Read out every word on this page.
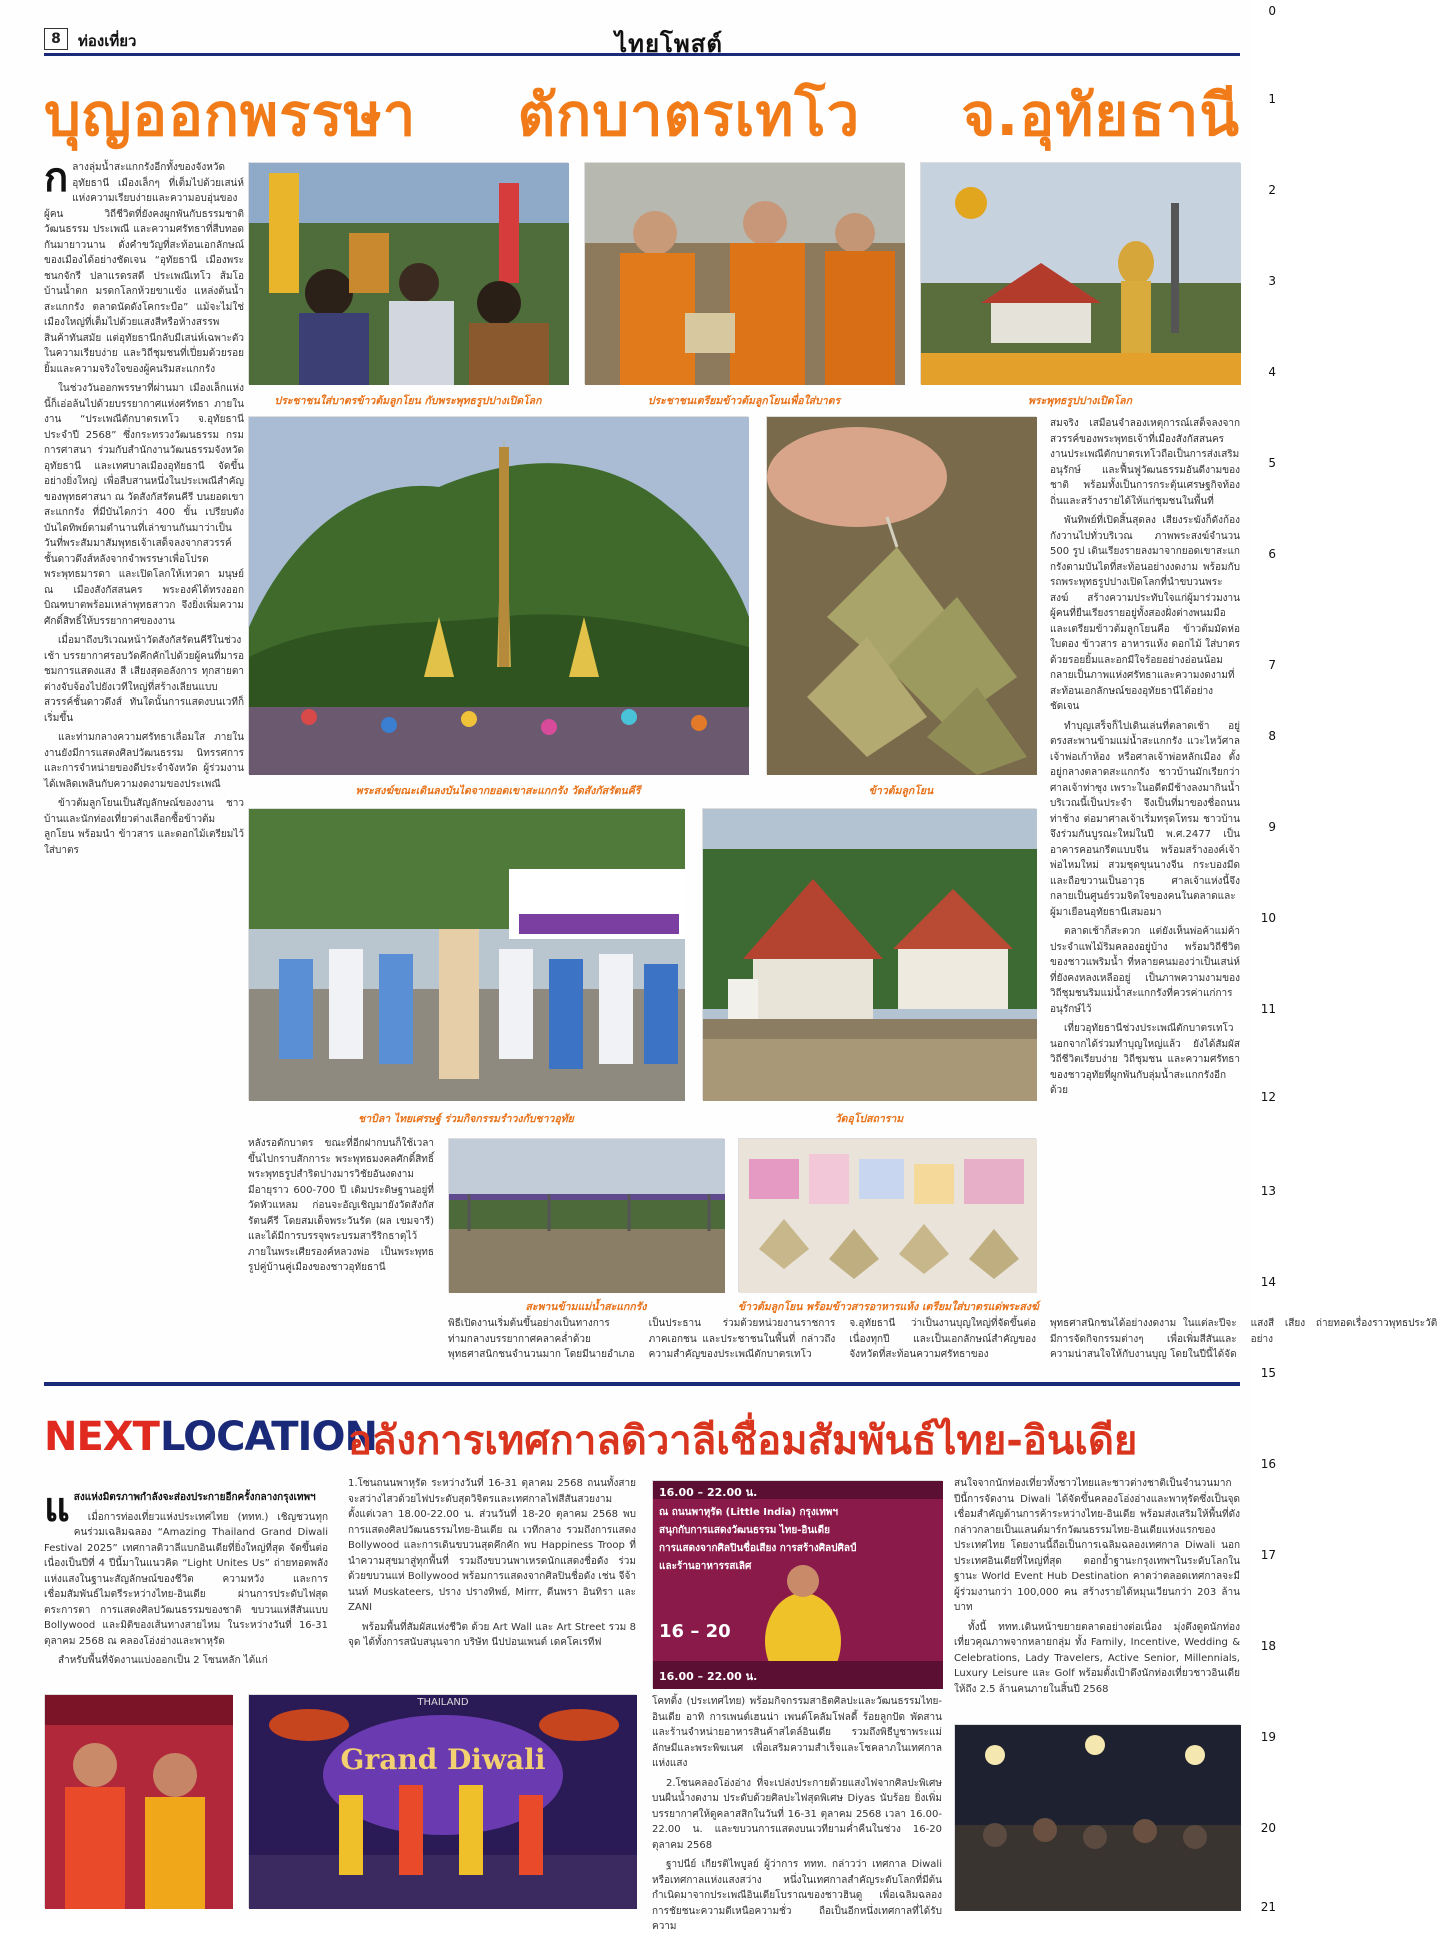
0
1
2
3
4
5
6
7
8
9
10
11
12
13
14
15
16
17
18
19
20
21
8	ท่องเที่ยว	ไทยโพสต์
บุญออกพรรษา ตักบาตรเทโว จ.อุทัยธานี
ก ลางลุ่มน้ำสะแกกรังอีกทั้งของจังหวัดอุทัยธานี เมืองเล็กๆ ที่เต็มไปด้วยเสน่ห์แห่งความเรียบง่ายและความอบอุ่นของผู้คน วิถีชีวิตที่ยังคงผูกพันกับธรรมชาติ วัฒนธรรม ประเพณี และความศรัทธาที่สืบทอดกันมายาวนาน ดั่งคำขวัญที่สะท้อนเอกลักษณ์ของเมืองได้อย่างชัดเจน “อุทัยธานี เมืองพระชนกจักรี ปลาแรดรสดี ประเพณีเทโว ส้มโอบ้านน้ำตก มรดกโลกห้วยขาแข้ง แหล่งต้นน้ำสะแกกรัง ตลาดนัดดังโคกระบือ” แม้จะไม่ใช่เมืองใหญ่ที่เต็มไปด้วยแสงสีหรือห้างสรรพสินค้าทันสมัย แต่อุทัยธานีกลับมีเสน่ห์เฉพาะตัวในความเรียบง่าย และวิถีชุมชนที่เปี่ยมด้วยรอยยิ้มและความจริงใจของผู้คนริมสะแกกรัง

ในช่วงวันออกพรรษาที่ผ่านมา เมืองเล็กแห่งนี้ก็เอ่อล้นไปด้วยบรรยากาศแห่งศรัทธา ภายในงาน “ประเพณีตักบาตรเทโว จ.อุทัยธานี ประจำปี 2568” ซึ่งกระทรวงวัฒนธรรม กรมการศาสนา ร่วมกับสำนักงานวัฒนธรรมจังหวัดอุทัยธานี และเทศบาลเมืองอุทัยธานี จัดขึ้นอย่างยิ่งใหญ่ เพื่อสืบสานหนึ่งในประเพณีสำคัญของพุทธศาสนา ณ วัดสังกัสรัตนคีรี บนยอดเขาสะแกกรัง ที่มีบันไดกว่า 400 ขั้น เปรียบดังบันไดทิพย์ตามตำนานที่เล่าขานกันมาว่าเป็นวันที่พระสัมมาสัมพุทธเจ้าเสด็จลงจากสวรรค์ชั้นดาวดึงส์หลังจากจำพรรษาเพื่อโปรดพระพุทธมารดา และเปิดโลกให้เทวดา มนุษย์ ณ เมืองสังกัสสนคร พระองค์ได้ทรงออกบิณฑบาตพร้อมเหล่าพุทธสาวก จึงยิ่งเพิ่มความศักดิ์สิทธิ์ให้บรรยากาศของงาน

เมื่อมาถึงบริเวณหน้าวัดสังกัสรัตนคีรีในช่วงเช้า บรรยากาศรอบวัดคึกคักไปด้วยผู้คนที่มารอชมการแสดงแสง สี เสียงสุดอลังการ ทุกสายตาต่างจับจ้องไปยังเวทีใหญ่ที่สร้างเลียนแบบสวรรค์ชั้นดาวดึงส์ ทันใดนั้นการแสดงบนเวทีก็เริ่มขึ้น

และท่ามกลางความศรัทธาเลื่อมใส ภายในงานยังมีการแสดงศิลปวัฒนธรรม นิทรรศการ และการจำหน่ายของดีประจำจังหวัด ผู้ร่วมงานได้เพลิดเพลินกับความงดงามของประเพณี

ข้าวต้มลูกโยนเป็นสัญลักษณ์ของงาน ชาวบ้านและนักท่องเที่ยวต่างเลือกซื้อข้าวต้มลูกโยน พร้อมนำ ข้าวสาร และดอกไม้เตรียมไว้ใส่บาตร

ประชาชนใส่บาตรข้าวต้มลูกโยน กับพระพุทธรูปปางเปิดโลก	ประชาชนเตรียมข้าวต้มลูกโยนเพื่อใส่บาตร	พระพุทธรูปปางเปิดโลก

สมจริง เสมือนจำลองเหตุการณ์เสด็จลงจากสวรรค์ของพระพุทธเจ้าที่เมืองสังกัสสนคร งานประเพณีตักบาตรเทโวถือเป็นการส่งเสริมอนุรักษ์ และฟื้นฟูวัฒนธรรมอันดีงามของชาติ พร้อมทั้งเป็นการกระตุ้นเศรษฐกิจท้องถิ่นและสร้างรายได้ให้แก่ชุมชนในพื้นที่

พันทิพย์ที่เปิดสิ้นสุดลง เสียงระฆังก็ดังก้องกังวานไปทั่วบริเวณ ภาพพระสงฆ์จำนวน 500 รูป เดินเรียงรายลงมาจากยอดเขาสะแกกรังตามบันไดที่สะท้อนอย่างงดงาม พร้อมกับรถพระพุทธรูปปางเปิดโลกที่นำขบวนพระสงฆ์ สร้างความประทับใจแก่ผู้มาร่วมงาน ผู้คนที่ยืนเรียงรายอยู่ทั้งสองฝั่งต่างพนมมือและเตรียมข้าวต้มลูกโยนคือ ข้าวต้มมัดห่อใบตอง ข้าวสาร อาหารแห้ง ดอกไม้ ใส่บาตรด้วยรอยยิ้มและอกมีใจร้อยอย่างอ่อนน้อม กลายเป็นภาพแห่งศรัทธาและความงดงามที่สะท้อนเอกลักษณ์ของอุทัยธานีได้อย่างชัดเจน

ทำบุญเสร็จก็ไปเดินเล่นที่ตลาดเช้า อยู่ตรงสะพานข้ามแม่น้ำสะแกกรัง แวะไหว้ศาลเจ้าพ่อเก้าห้อง หรือศาลเจ้าพ่อหลักเมือง ตั้งอยู่กลางตลาดสะแกกรัง ชาวบ้านมักเรียกว่าศาลเจ้าท่าซุง เพราะในอดีตมีช้างลงมากินน้ำบริเวณนี้เป็นประจำ จึงเป็นที่มาของชื่อถนนท่าช้าง ต่อมาศาลเจ้าเริ่มทรุดโทรม ชาวบ้านจึงร่วมกันบูรณะใหม่ในปี พ.ศ.2477 เป็นอาคารคอนกรีตแบบจีน พร้อมสร้างองค์เจ้าพ่อไหมใหม่ สวมชุดขุนนางจีน กระบองมีด และถือขวานเป็นอาวุธ ศาลเจ้าแห่งนี้จึงกลายเป็นศูนย์รวมจิตใจของคนในตลาดและผู้มาเยือนอุทัยธานีเสมอมา

ตลาดเช้าก็สะดวก แต่ยังเห็นพ่อค้าแม่ค้าประจำแพไม้ริมคลองอยู่บ้าง พร้อมวิถีชีวิตของชาวแพริมน้ำ ที่หลายคนมองว่าเป็นเสน่ห์ที่ยังคงหลงเหลืออยู่ เป็นภาพความงามของวิถีชุมชนริมแม่น้ำสะแกกรังที่ควรค่าแก่การอนุรักษ์ไว้

เที่ยวอุทัยธานีช่วงประเพณีตักบาตรเทโว นอกจากได้ร่วมทำบุญใหญ่แล้ว ยังได้สัมผัสวิถีชีวิตเรียบง่าย วิถีชุมชน และความศรัทธาของชาวอุทัยที่ผูกพันกับลุ่มน้ำสะแกกรังอีกด้วย

พระสงฆ์ขณะเดินลงบันไดจากยอดเขาสะแกกรัง วัดสังกัสรัตนคีรี	ข้าวต้มลูกโยน
ชาบิลา ไทยเศรษฐ์ ร่วมกิจกรรมรำวงกับชาวอุทัย	วัดอุโปสถาราม

หลังรอตักบาตร ขณะที่อีกฝากบนก็ใช้เวลาขึ้นไปกราบสักการะ พระพุทธมงคลศักดิ์สิทธิ์ พระพุทธรูปสำริดปางมารวิชัยอันงดงาม มีอายุราว 600-700 ปี เดิมประดิษฐานอยู่ที่วัดหัวแหลม ก่อนจะอัญเชิญมายังวัดสังกัสรัตนคีรี โดยสมเด็จพระวันรัต (ผล เขมจารี) และได้มีการบรรจุพระบรมสารีริกธาตุไว้ภายในพระเศียรองค์หลวงพ่อ เป็นพระพุทธรูปคู่บ้านคู่เมืองของชาวอุทัยธานี

สะพานข้ามแม่น้ำสะแกกรัง	ข้าวต้มลูกโยน พร้อมข้าวสารอาหารแห้ง เตรียมใส่บาตรแด่พระสงฆ์

พิธีเปิดงานเริ่มต้นขึ้นอย่างเป็นทางการ ท่ามกลางบรรยากาศคลาคล่ำด้วยพุทธศาสนิกชนจำนวนมาก โดยมีนายอำเภอเป็นประธาน ร่วมด้วยหน่วยงานราชการ ภาคเอกชน และประชาชนในพื้นที่ กล่าวถึงความสำคัญของประเพณีตักบาตรเทโว จ.อุทัยธานี ว่าเป็นงานบุญใหญ่ที่จัดขึ้นต่อเนื่องทุกปี และเป็นเอกลักษณ์สำคัญของจังหวัดที่สะท้อนความศรัทธาของพุทธศาสนิกชนได้อย่างงดงาม ในแต่ละปีจะมีการจัดกิจกรรมต่างๆ เพื่อเพิ่มสีสันและความน่าสนใจให้กับงานบุญ โดยในปีนี้ได้จัดแสงสี เสียง ถ่ายทอดเรื่องราวพุทธประวัติอย่าง

NEXT LOCATION
อลังการเทศกาลดิวาลีเชื่อมสัมพันธ์ไทย-อินเดีย
แ สงแห่งมิตรภาพกำลังจะส่องประกายอีกครั้งกลางกรุงเทพฯ

เมื่อการท่องเที่ยวแห่งประเทศไทย (ททท.) เชิญชวนทุกคนร่วมเฉลิมฉลอง “Amazing Thailand Grand Diwali Festival 2025” เทศกาลดิวาลีแบกอินเดียที่ยิ่งใหญ่ที่สุด จัดขึ้นต่อเนื่องเป็นปีที่ 4 ปีนี้มาในแนวคิด “Light Unites Us” ถ่ายทอดพลังแห่งแสงในฐานะสัญลักษณ์ของชีวิต ความหวัง และการเชื่อมสัมพันธ์ไมตรีระหว่างไทย-อินเดีย ผ่านการประดับไฟสุดตระการตา การแสดงศิลปวัฒนธรรมของชาติ ขบวนแห่สีสันแบบ Bollywood และมิติของเส้นทางสายไหม ในระหว่างวันที่ 16-31 ตุลาคม 2568 ณ คลองโอ่งอ่างและพาหุรัด

สำหรับพื้นที่จัดงานแบ่งออกเป็น 2 โซนหลัก ได้แก่

1.โซนถนนพาหุรัด ระหว่างวันที่ 16-31 ตุลาคม 2568 ถนนทั้งสายจะสว่างไสวด้วยไฟประดับสุดวิจิตรและเทศกาลไฟสีสันสวยงามตั้งแต่เวลา 18.00-22.00 น. ส่วนวันที่ 18-20 ตุลาคม 2568 พบการแสดงศิลปวัฒนธรรมไทย-อินเดีย ณ เวทีกลาง รวมถึงการแสดง Bollywood และการเดินขบวนสุดคึกคัก พบ Happiness Troop ที่นำความสุขมาสู่ทุกพื้นที่ รวมถึงขบวนพาเหรดนักแสดงชื่อดัง ร่วมด้วยขบวนแห่ Bollywood พร้อมการแสดงจากศิลปินชื่อดัง เช่น จีจ้า นนท์ Muskateers, ปราง ปรางทิพย์, Mirrr, ดีนพรา อินทิรา และ ZANI

พร้อมพื้นที่สัมผัสแห่งชีวิต ด้วย Art Wall และ Art Street รวม 8 จุด ได้ทั้งการสนับสนุนจาก บริษัท นีปปอนเพนต์ เดคโคเรทีฟ

16.00 – 22.00 น.
ณ ถนนพาหุรัด (Little India) กรุงเทพฯ
สนุกกับการแสดงวัฒนธรรม ไทย-อินเดีย
การแสดงจากศิลปินชื่อเสียง การสร้างศิลปศิลป์
และร้านอาหารรสเลิศ
16 – 20
16.00 – 22.00 น.

โคทติ้ง (ประเทศไทย) พร้อมกิจกรรมสาธิตศิลปะและวัฒนธรรมไทย-อินเดีย อาทิ การเพนต์เฮนน่า เพนต์โคลัมโฟลดี้ ร้อยลูกปัด พัดสานและร้านจำหน่ายอาหารสินค้าสไตล์อินเดีย รวมถึงพิธีบูชาพระแม่ลักษมีและพระพิฆเนศ เพื่อเสริมความสำเร็จและโชคลาภในเทศกาลแห่งแสง

2.โซนคลองโอ่งอ่าง ที่จะเปล่งประกายด้วยแสงไฟจากศิลปะพิเศษบนผืนน้ำงดงาม ประดับด้วยศิลปะไฟสุดพิเศษ Diyas นับร้อย ยิ่งเพิ่มบรรยากาศให้ดูคลาสสิกในวันที่ 16-31 ตุลาคม 2568 เวลา 16.00-22.00 น. และขบวนการแสดงบนเวทียามค่ำคืนในช่วง 16-20 ตุลาคม 2568

ฐาปนีย์ เกียรติไพบูลย์ ผู้ว่าการ ททท. กล่าวว่า เทศกาล Diwali หรือเทศกาลแห่งแสงสว่าง หนึ่งในเทศกาลสำคัญระดับโลกที่มีต้นกำเนิดมาจากประเพณีอินเดียโบราณของชาวฮินดู เพื่อเฉลิมฉลองการชัยชนะความดีเหนือความชั่ว ถือเป็นอีกหนึ่งเทศกาลที่ได้รับความ

สนใจจากนักท่องเที่ยวทั้งชาวไทยและชาวต่างชาติเป็นจำนวนมาก ปีนี้การจัดงาน Diwali ได้จัดขึ้นคลองโอ่งอ่างและพาหุรัดซึ่งเป็นจุดเชื่อมสำคัญด้านการค้าระหว่างไทย-อินเดีย พร้อมส่งเสริมให้พื้นที่ดังกล่าวกลายเป็นแลนด์มาร์กวัฒนธรรมไทย-อินเดียแห่งแรกของประเทศไทย โดยงานนี้ถือเป็นการเฉลิมฉลองเทศกาล Diwali นอกประเทศอินเดียที่ใหญ่ที่สุด ตอกย้ำฐานะกรุงเทพฯในระดับโลกในฐานะ World Event Hub Destination คาดว่าตลอดเทศกาลจะมีผู้ร่วมงานกว่า 100,000 คน สร้างรายได้หมุนเวียนกว่า 203 ล้านบาท

ทั้งนี้ ททท.เดินหน้าขยายตลาดอย่างต่อเนื่อง มุ่งดึงดูดนักท่องเที่ยวคุณภาพจากหลายกลุ่ม ทั้ง Family, Incentive, Wedding & Celebrations, Lady Travelers, Active Senior, Millennials, Luxury Leisure และ Golf พร้อมตั้งเป้าดึงนักท่องเที่ยวชาวอินเดียให้ถึง 2.5 ล้านคนภายในสิ้นปี 2568

THAILAND
Grand Diwali
